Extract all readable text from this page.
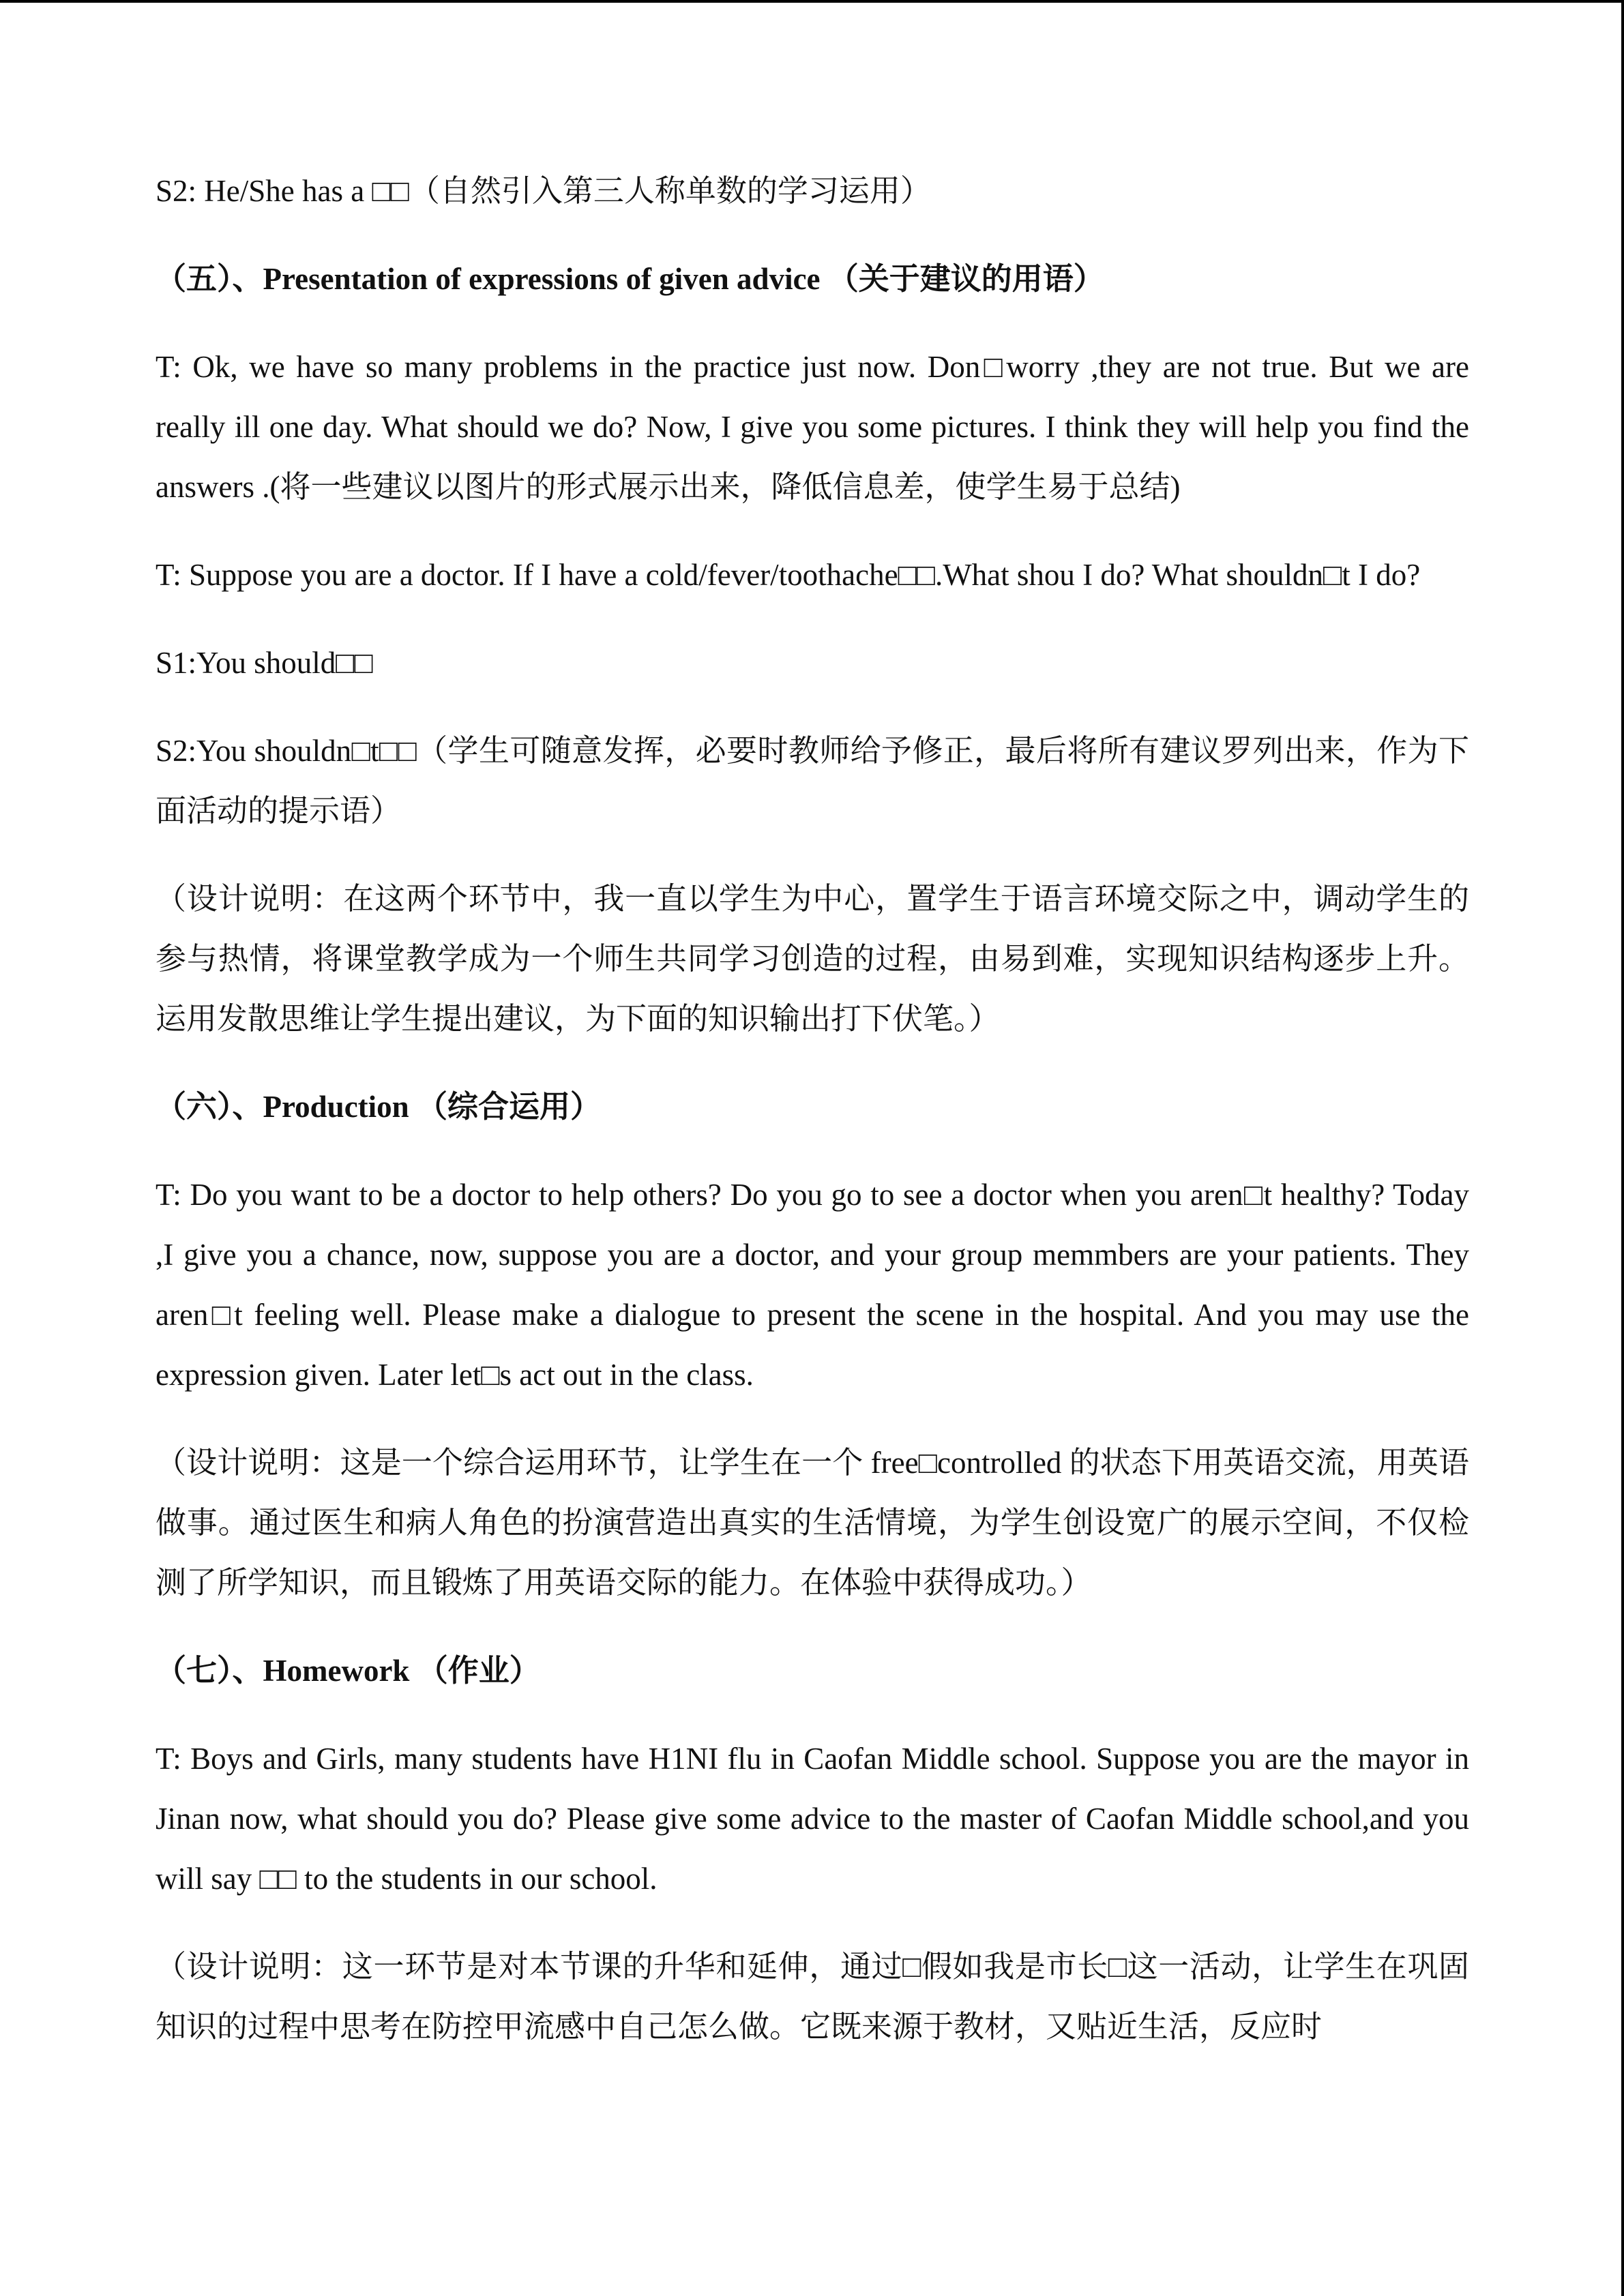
S2: He/She has a □□（自然引入第三人称单数的学习运用）

（五）、Presentation of expressions of given advice （关于建议的用语）

T: Ok, we have so many problems in the practice just now. Don□worry ,they are not true. But we are really ill one day. What should we do? Now, I give you some pictures. I think they will help you find the answers .(将一些建议以图片的形式展示出来，降低信息差，使学生易于总结)

T: Suppose you are a doctor. If I have a cold/fever/toothache□□.What shou I do? What shouldn□t I do?

S1:You should□□

S2:You shouldn□t□□（学生可随意发挥，必要时教师给予修正，最后将所有建议罗列出来，作为下面活动的提示语）

（设计说明：在这两个环节中，我一直以学生为中心，置学生于语言环境交际之中，调动学生的参与热情，将课堂教学成为一个师生共同学习创造的过程，由易到难，实现知识结构逐步上升。运用发散思维让学生提出建议，为下面的知识输出打下伏笔。）

（六）、Production （综合运用）

T: Do you want to be a doctor to help others? Do you go to see a doctor when you aren□t healthy? Today ,I give you a chance, now, suppose you are a doctor, and your group memmbers are your patients. They aren□t feeling well. Please make a dialogue to present the scene in the hospital. And you may use the expression given. Later let□s act out in the class.

（设计说明：这是一个综合运用环节，让学生在一个 free□controlled 的状态下用英语交流，用英语做事。通过医生和病人角色的扮演营造出真实的生活情境，为学生创设宽广的展示空间，不仅检测了所学知识，而且锻炼了用英语交际的能力。在体验中获得成功。）

（七）、Homework （作业）

T: Boys and Girls, many students have H1NI flu in Caofan Middle school. Suppose you are the mayor in Jinan now, what should you do? Please give some advice to the master of Caofan Middle school,and you will say □□ to the students in our school.

（设计说明：这一环节是对本节课的升华和延伸，通过□假如我是市长□这一活动，让学生在巩固知识的过程中思考在防控甲流感中自己怎么做。它既来源于教材，又贴近生活，反应时
